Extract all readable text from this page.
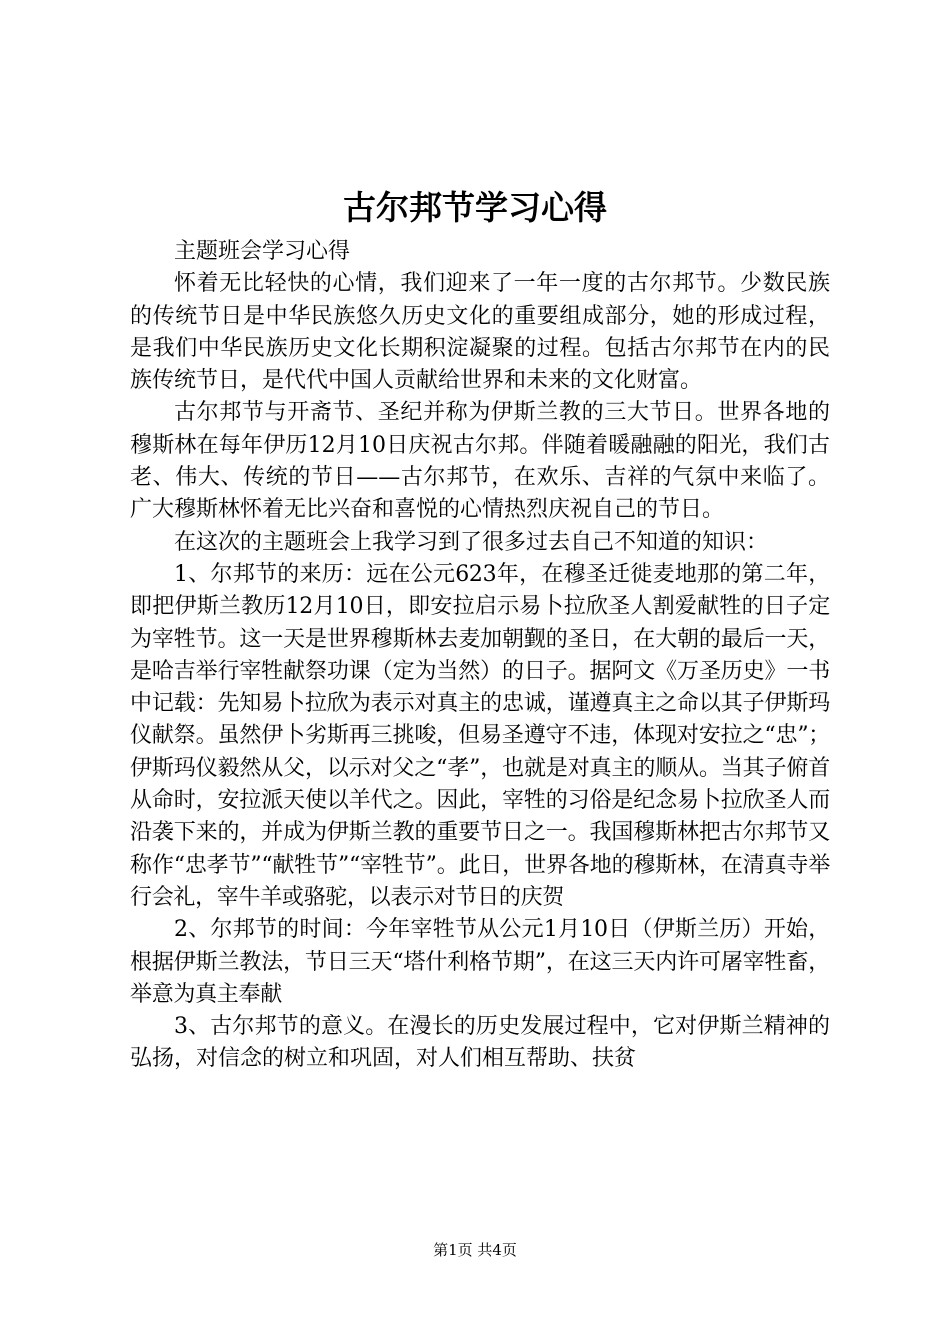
古尔邦节学习心得

主题班会学习心得

怀着无比轻快的心情，我们迎来了一年一度的古尔邦节。少数民族的传统节日是中华民族悠久历史文化的重要组成部分，她的形成过程，是我们中华民族历史文化长期积淀凝聚的过程。包括古尔邦节在内的民族传统节日，是代代中国人贡献给世界和未来的文化财富。

古尔邦节与开斋节、圣纪并称为伊斯兰教的三大节日。世界各地的穆斯林在每年伊历12月10日庆祝古尔邦。伴随着暖融融的阳光，我们古老、伟大、传统的节日——古尔邦节，在欢乐、吉祥的气氛中来临了。广大穆斯林怀着无比兴奋和喜悦的心情热烈庆祝自己的节日。

在这次的主题班会上我学习到了很多过去自己不知道的知识：

1、尔邦节的来历：远在公元623年，在穆圣迁徙麦地那的第二年，即把伊斯兰教历12月10日，即安拉启示易卜拉欣圣人割爱献牲的日子定为宰牲节。这一天是世界穆斯林去麦加朝觐的圣日，在大朝的最后一天，是哈吉举行宰牲献祭功课（定为当然）的日子。据阿文《万圣历史》一书中记载：先知易卜拉欣为表示对真主的忠诚，谨遵真主之命以其子伊斯玛仪献祭。虽然伊卜劣斯再三挑唆，但易圣遵守不违，体现对安拉之“忠”；伊斯玛仪毅然从父，以示对父之“孝”，也就是对真主的顺从。当其子俯首从命时，安拉派天使以羊代之。因此，宰牲的习俗是纪念易卜拉欣圣人而沿袭下来的，并成为伊斯兰教的重要节日之一。我国穆斯林把古尔邦节又称作“忠孝节”“献牲节”“宰牲节”。此日，世界各地的穆斯林，在清真寺举行会礼，宰牛羊或骆驼，以表示对节日的庆贺

2、尔邦节的时间：今年宰牲节从公元1月10日（伊斯兰历）开始，根据伊斯兰教法，节日三天“塔什利格节期”，在这三天内许可屠宰牲畜，举意为真主奉献

3、古尔邦节的意义。在漫长的历史发展过程中，它对伊斯兰精神的弘扬，对信念的树立和巩固，对人们相互帮助、扶贫

第1页 共4页
